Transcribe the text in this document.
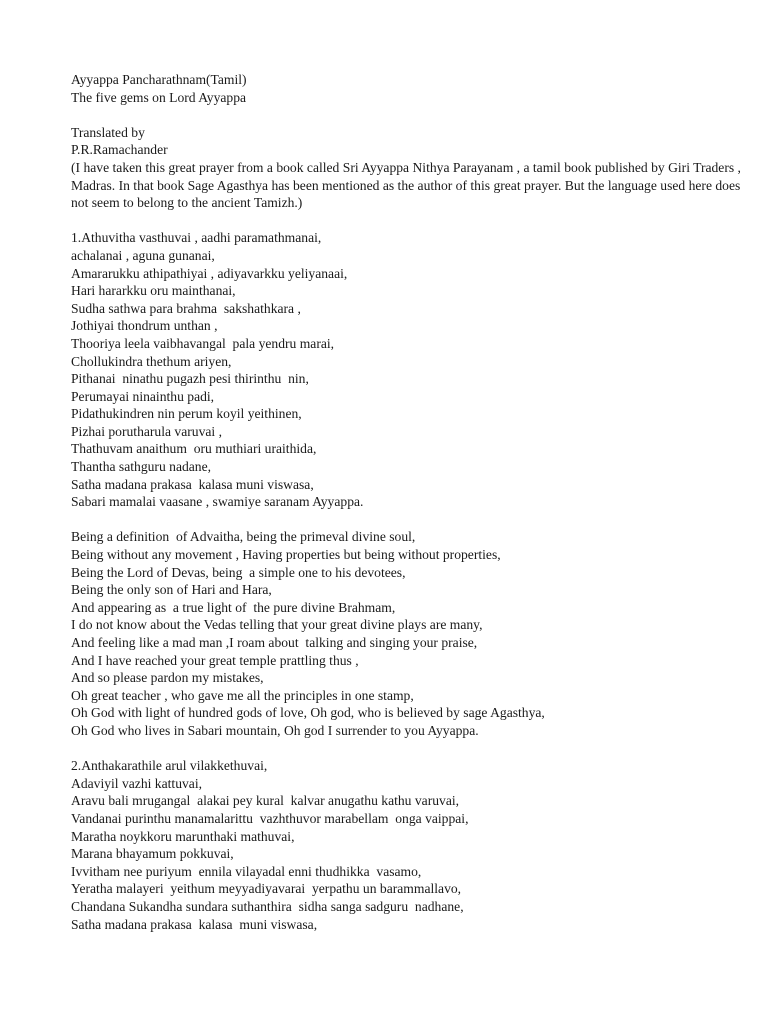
Ayyappa Pancharathnam(Tamil)
The five gems on Lord Ayyappa
Translated by
P.R.Ramachander
(I have taken this great prayer from a book called Sri Ayyappa Nithya Parayanam , a tamil book published by Giri Traders , Madras. In that book Sage Agasthya has been mentioned as the author of this great prayer. But the language used here does not seem to belong to the ancient Tamizh.)
1.Athuvitha vasthuvai , aadhi paramathmanai,
achalanai , aguna gunanai,
Amararukku athipathiyai , adiyavarkku yeliyanaai,
Hari hararkku oru mainthanai,
Sudha sathwa para brahma  sakshathkara ,
Jothiyai thondrum unthan ,
Thooriya leela vaibhavangal  pala yendru marai,
Chollukindra thethum ariyen,
Pithanai  ninathu pugazh pesi thirinthu  nin,
Perumayai ninainthu padi,
Pidathukindren nin perum koyil yeithinen,
Pizhai porutharula varuvai ,
Thathuvam anaithum  oru muthiari uraithida,
Thantha sathguru nadane,
Satha madana prakasa  kalasa muni viswasa,
Sabari mamalai vaasane , swamiye saranam Ayyappa.
Being a definition  of Advaitha, being the primeval divine soul,
Being without any movement , Having properties but being without properties,
Being the Lord of Devas, being  a simple one to his devotees,
Being the only son of Hari and Hara,
And appearing as  a true light of  the pure divine Brahmam,
I do not know about the Vedas telling that your great divine plays are many,
And feeling like a mad man ,I roam about  talking and singing your praise,
And I have reached your great temple prattling thus ,
And so please pardon my mistakes,
Oh great teacher , who gave me all the principles in one stamp,
Oh God with light of hundred gods of love, Oh god, who is believed by sage Agasthya,
Oh God who lives in Sabari mountain, Oh god I surrender to you Ayyappa.
2.Anthakarathile arul vilakkethuvai,
Adaviyil vazhi kattuvai,
Aravu bali mrugangal  alakai pey kural  kalvar anugathu kathu varuvai,
Vandanai purinthu manamalarittu  vazhthuvor marabellam  onga vaippai,
Maratha noykkoru marunthaki mathuvai,
Marana bhayamum pokkuvai,
Ivvitham nee puriyum  ennila vilayadal enni thudhikka  vasamo,
Yeratha malayeri  yeithum meyyadiyavarai  yerpathu un barammallavo,
Chandana Sukandha sundara suthanthira  sidha sanga sadguru  nadhane,
Satha madana prakasa  kalasa  muni viswasa,
